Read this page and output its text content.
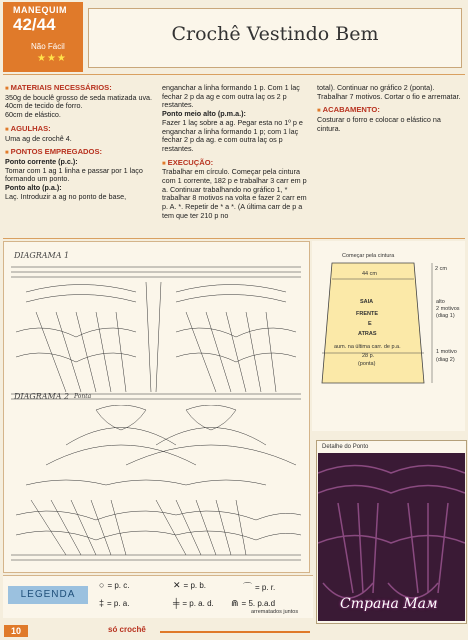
MANEQUIM
42/44
Não Fácil
★★★
Crochê Vestindo Bem

■ MATERIAIS NECESSÁRIOS:

350g de bouclê grosso de seda matizada uva.

40cm de tecido de forro.

60cm de elástico.

■ AGULHAS:

Uma ag de crochê 4.

■ PONTOS EMPREGADOS:

Ponto corrente (p.c.):

Tomar com 1 ag 1 linha e passar por 1 laço formando um ponto.

Ponto alto (p.a.):

Laç. Introduzir a ag no ponto de base,

enganchar a linha formando 1 p. Com 1 laç fechar 2 p da ag e com outra laç os 2 p restantes.

Ponto meio alto (p.m.a.):

Fazer 1 laç sobre a ag. Pegar esta no 1º p e enganchar a linha formando 1 p; com 1 laç fechar 2 p da ag. e com outra laç os p restantes.

■ EXECUÇÃO:

Trabalhar em círculo. Começar pela cintura com 1 corrente, 182 p e trabalhar 3 carr em p a. Continuar trabalhando no gráfico 1, * trabalhar 8 motivos na volta e fazer 2 carr em p. A. *. Repetir de * a *. (A última carr de p a tem que ter 210 p no

total). Continuar no gráfico 2 (ponta). Trabalhar 7 motivos. Cortar o fio e arrematar.

■ ACABAMENTO:

Costurar o forro e colocar o elástico na cintura.

DIAGRAMA 1
DIAGRAMA 2 Ponta
Começar pela cintura
44 cm
2 cm
SAIA
FRENTE
E
ATRAS
aum. na última carr. de p.a.
28 p.
(ponta)
alto
2 motivos
(diag 1)
1 motivo
(diag 2)
Detalhe do Ponto
Страна Мам
LEGENDA
○ = p. c.	✕ = p. b.	⌒ = p. r.
‡ = p. a.	╪ = p. a. d. ⋒ = 5. p.a.d
arrematados juntos
10	só crochê
